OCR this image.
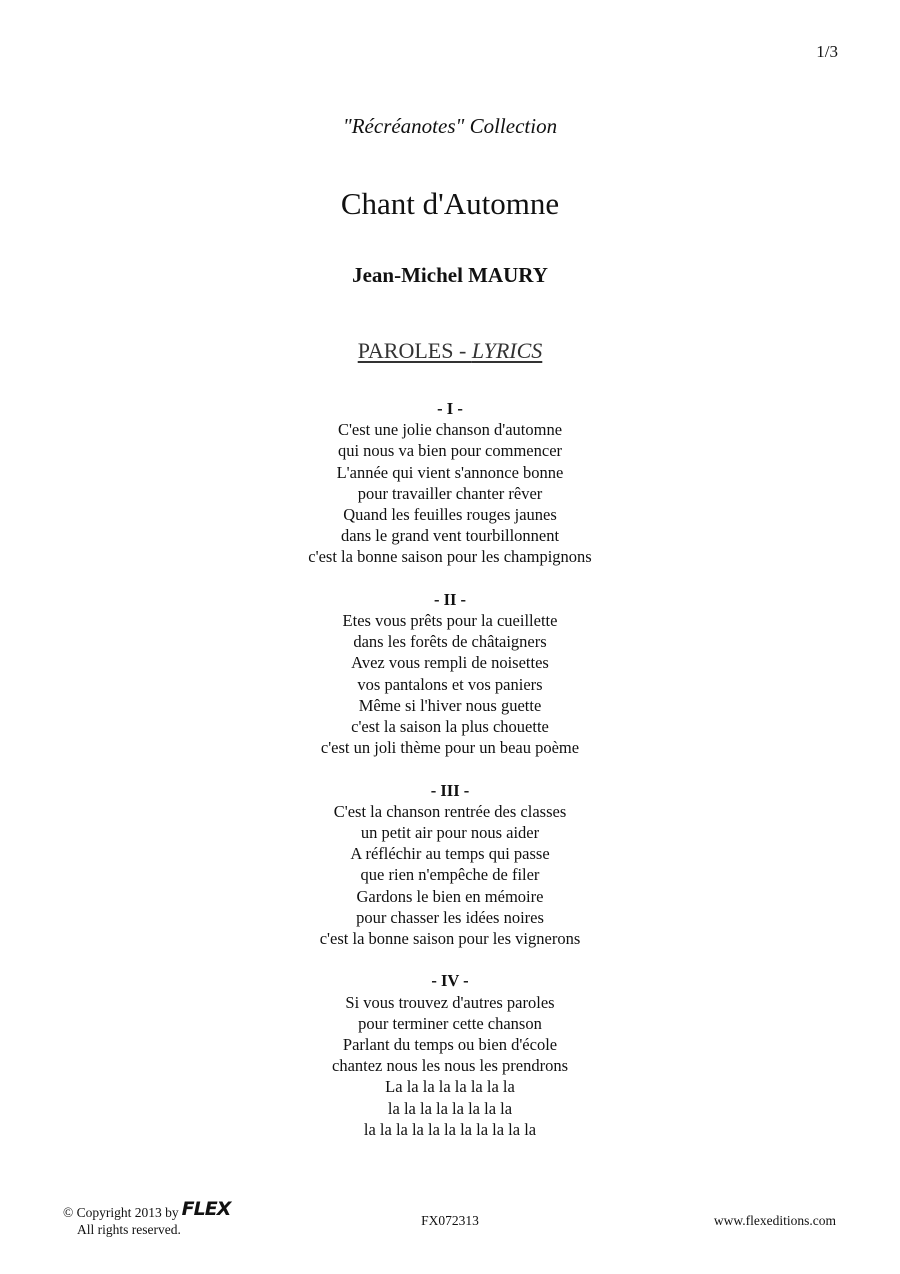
1/3
"Récréanotes" Collection
Chant d'Automne
Jean-Michel MAURY
PAROLES - LYRICS
- I -
C'est une jolie chanson d'automne
qui nous va bien pour commencer
L'année qui vient s'annonce bonne
pour travailler chanter rêver
Quand les feuilles rouges jaunes
dans le grand vent tourbillonnent
c'est la bonne saison pour les champignons
- II -
Etes vous prêts pour la cueillette
dans les forêts de châtaigners
Avez vous rempli de noisettes
vos pantalons et vos paniers
Même si l'hiver nous guette
c'est la saison la plus chouette
c'est un joli thème pour un beau poème
- III -
C'est la chanson rentrée des classes
un petit air pour nous aider
A réfléchir au temps qui passe
que rien n'empêche de filer
Gardons le bien en mémoire
pour chasser les idées noires
c'est la bonne saison pour les vignerons
- IV -
Si vous trouvez d'autres paroles
pour terminer cette chanson
Parlant du temps ou bien d'école
chantez nous les nous les prendrons
La la la la la la la la
la la la la la la la la
la la la la la la la la la la la
© Copyright 2013 by FLEX
All rights reserved.
FX072313	www.flexeditions.com
